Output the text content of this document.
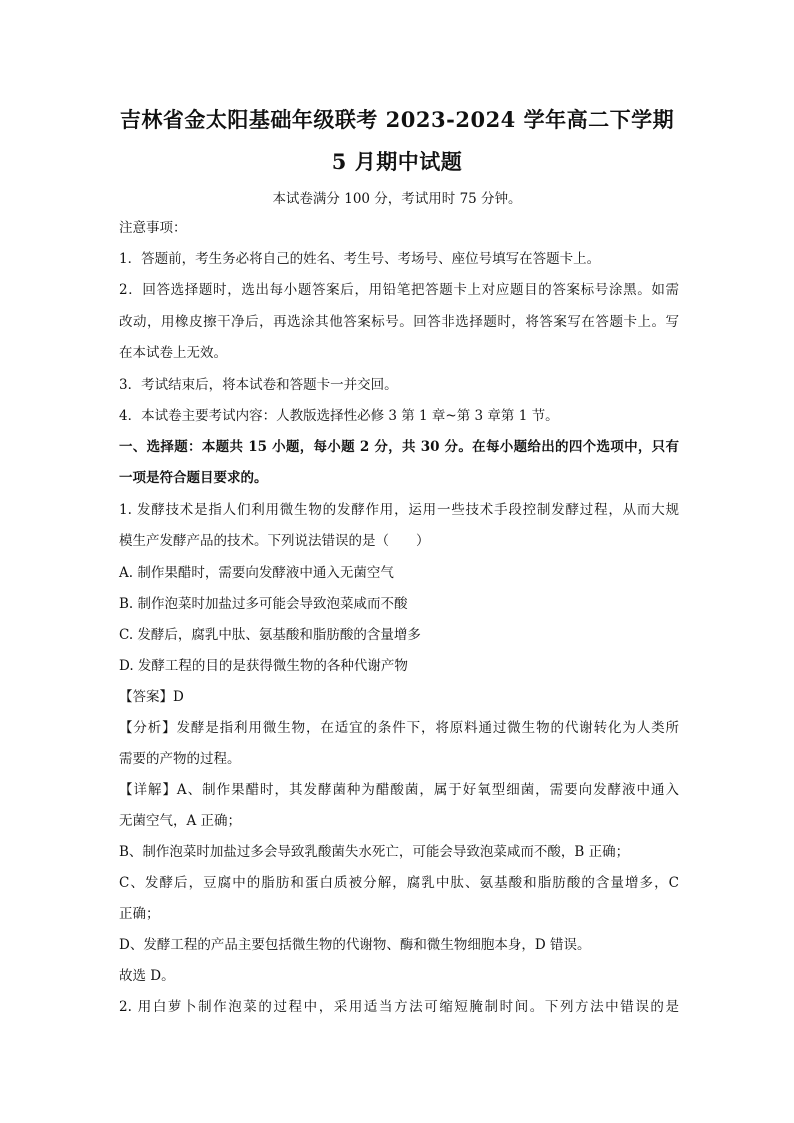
吉林省金太阳基础年级联考 2023-2024 学年高二下学期
5 月期中试题
本试卷满分 100 分，考试用时 75 分钟。
注意事项：
1．答题前，考生务必将自己的姓名、考生号、考场号、座位号填写在答题卡上。
2．回答选择题时，选出每小题答案后，用铅笔把答题卡上对应题目的答案标号涂黑。如需
改动，用橡皮擦干净后，再选涂其他答案标号。回答非选择题时，将答案写在答题卡上。写
在本试卷上无效。
3．考试结束后，将本试卷和答题卡一并交回。
4．本试卷主要考试内容：人教版选择性必修 3 第 1 章~第 3 章第 1 节。
一、选择题：本题共 15 小题，每小题 2 分，共 30 分。在每小题给出的四个选项中，只有
一项是符合题目要求的。
1. 发酵技术是指人们利用微生物的发酵作用，运用一些技术手段控制发酵过程，从而大规
模生产发酵产品的技术。下列说法错误的是（　　）
A. 制作果醋时，需要向发酵液中通入无菌空气
B. 制作泡菜时加盐过多可能会导致泡菜咸而不酸
C. 发酵后，腐乳中肽、氨基酸和脂肪酸的含量增多
D. 发酵工程的目的是获得微生物的各种代谢产物
【答案】D
【分析】发酵是指利用微生物，在适宜的条件下，将原料通过微生物的代谢转化为人类所
需要的产物的过程。
【详解】A、制作果醋时，其发酵菌种为醋酸菌，属于好氧型细菌，需要向发酵液中通入
无菌空气，A 正确；
B、制作泡菜时加盐过多会导致乳酸菌失水死亡，可能会导致泡菜咸而不酸，B 正确；
C、发酵后，豆腐中的脂肪和蛋白质被分解，腐乳中肽、氨基酸和脂肪酸的含量增多，C
正确；
D、发酵工程的产品主要包括微生物的代谢物、酶和微生物细胞本身，D 错误。
故选 D。
2. 用白萝卜制作泡菜的过程中，采用适当方法可缩短腌制时间。下列方法中错误的是
